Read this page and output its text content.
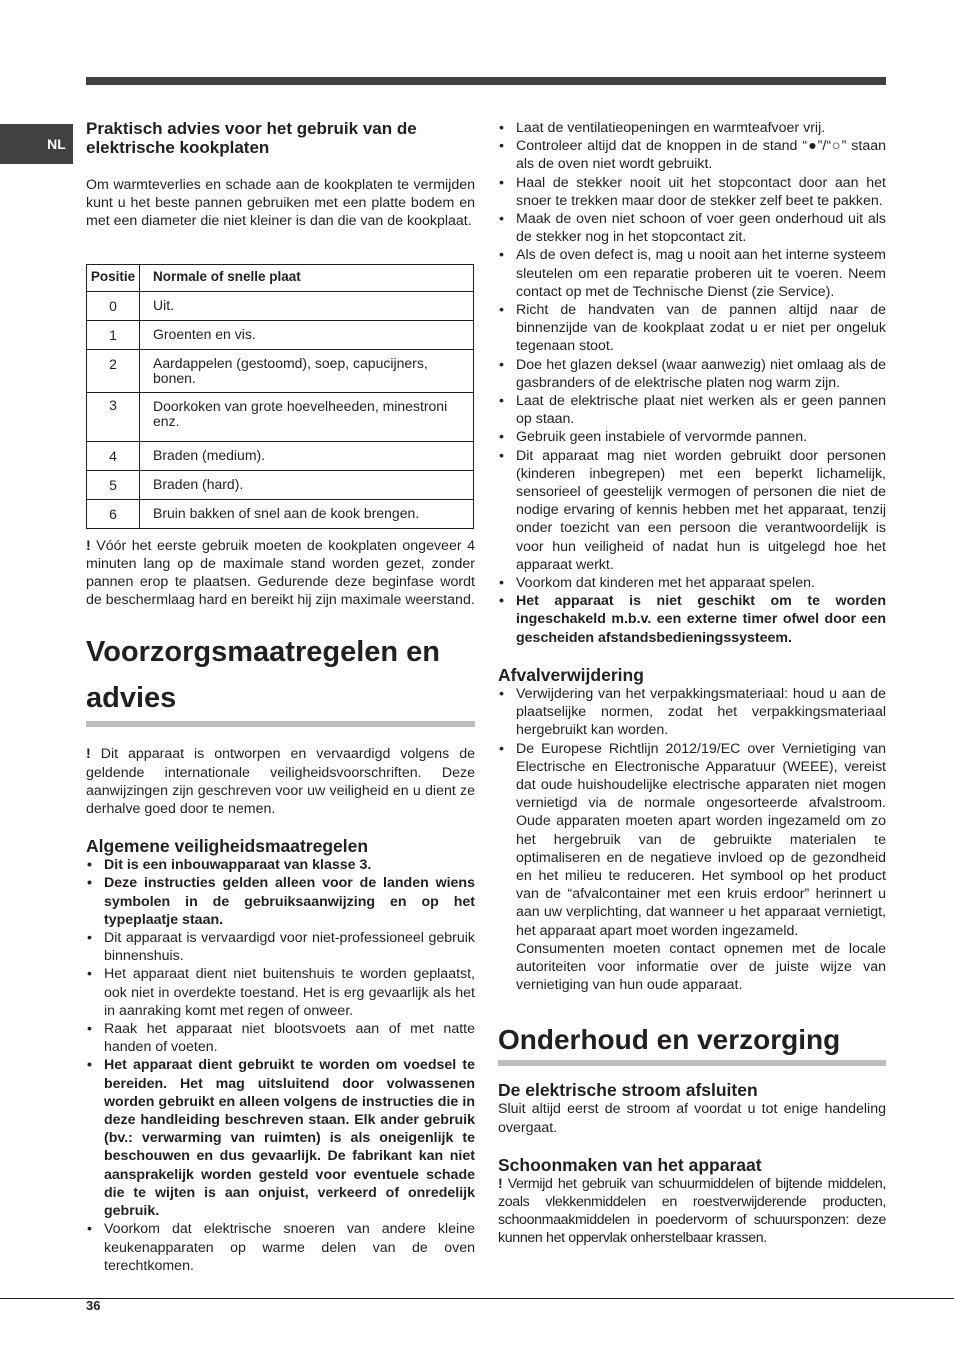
NL
Praktisch advies voor het gebruik van de elektrische kookplaten

Om warmteverlies en schade aan de kookplaten te vermijden kunt u het beste pannen gebruiken met een platte bodem en met een diameter die niet kleiner is dan die van de kookplaat.

Positie	Normale of snelle plaat
0	Uit.
1	Groenten en vis.
2	Aardappelen (gestoomd), soep, capucijners, bonen.
3	Doorkoken van grote hoevelheeden, minestroni enz.
4	Braden (medium).
5	Braden (hard).
6	Bruin bakken of snel aan de kook brengen.

! Vóór het eerste gebruik moeten de kookplaten ongeveer 4 minuten lang op de maximale stand worden gezet, zonder pannen erop te plaatsen. Gedurende deze beginfase wordt de beschermlaag hard en bereikt hij zijn maximale weerstand.

Voorzorgsmaatregelen en
advies

! Dit apparaat is ontworpen en vervaardigd volgens de geldende internationale veiligheidsvoorschriften. Deze aanwijzingen zijn geschreven voor uw veiligheid en u dient ze derhalve goed door te nemen.

Algemene veiligheidsmaatregelen
• Dit is een inbouwapparaat van klasse 3.
• Deze instructies gelden alleen voor de landen wiens symbolen in de gebruiksaanwijzing en op het typeplaatje staan.
• Dit apparaat is vervaardigd voor niet-professioneel gebruik binnenshuis.
• Het apparaat dient niet buitenshuis te worden geplaatst, ook niet in overdekte toestand. Het is erg gevaarlijk als het in aanraking komt met regen of onweer.
• Raak het apparaat niet blootsvoets aan of met natte handen of voeten.
• Het apparaat dient gebruikt te worden om voedsel te bereiden. Het mag uitsluitend door volwassenen worden gebruikt en alleen volgens de instructies die in deze handleiding beschreven staan. Elk ander gebruik (bv.: verwarming van ruimten) is als oneigenlijk te beschouwen en dus gevaarlijk. De fabrikant kan niet aansprakelijk worden gesteld voor eventuele schade die te wijten is aan onjuist, verkeerd of onredelijk gebruik.
• Voorkom dat elektrische snoeren van andere kleine keukenapparaten op warme delen van de oven terechtkomen.
• Laat de ventilatieopeningen en warmteafvoer vrij.
• Controleer altijd dat de knoppen in de stand “●”/“○” staan als de oven niet wordt gebruikt.
• Haal de stekker nooit uit het stopcontact door aan het snoer te trekken maar door de stekker zelf beet te pakken.
• Maak de oven niet schoon of voer geen onderhoud uit als de stekker nog in het stopcontact zit.
• Als de oven defect is, mag u nooit aan het interne systeem sleutelen om een reparatie proberen uit te voeren. Neem contact op met de Technische Dienst (zie Service).
• Richt de handvaten van de pannen altijd naar de binnenzijde van de kookplaat zodat u er niet per ongeluk tegenaan stoot.
• Doe het glazen deksel (waar aanwezig) niet omlaag als de gasbranders of de elektrische platen nog warm zijn.
• Laat de elektrische plaat niet werken als er geen pannen op staan.
• Gebruik geen instabiele of vervormde pannen.
• Dit apparaat mag niet worden gebruikt door personen (kinderen inbegrepen) met een beperkt lichamelijk, sensorieel of geestelijk vermogen of personen die niet de nodige ervaring of kennis hebben met het apparaat, tenzij onder toezicht van een persoon die verantwoordelijk is voor hun veiligheid of nadat hun is uitgelegd hoe het apparaat werkt.
• Voorkom dat kinderen met het apparaat spelen.
• Het apparaat is niet geschikt om te worden ingeschakeld m.b.v. een externe timer ofwel door een gescheiden afstandsbedieningssysteem.
Afvalverwijdering
• Verwijdering van het verpakkingsmateriaal: houd u aan de plaatselijke normen, zodat het verpakkingsmateriaal hergebruikt kan worden.
• De Europese Richtlijn 2012/19/EC over Vernietiging van Electrische en Electronische Apparatuur (WEEE), vereist dat oude huishoudelijke electrische apparaten niet mogen vernietigd via de normale ongesorteerde afvalstroom. Oude apparaten moeten apart worden ingezameld om zo het hergebruik van de gebruikte materialen te optimaliseren en de negatieve invloed op de gezondheid en het milieu te reduceren. Het symbool op het product van de “afvalcontainer met een kruis erdoor” herinnert u aan uw verplichting, dat wanneer u het apparaat vernietigt, het apparaat apart moet worden ingezameld.

Consumenten moeten contact opnemen met de locale autoriteiten voor informatie over de juiste wijze van vernietiging van hun oude apparaat.

Onderhoud en verzorging
De elektrische stroom afsluiten

Sluit altijd eerst de stroom af voordat u tot enige handeling overgaat.

Schoonmaken van het apparaat

! Vermijd het gebruik van schuurmiddelen of bijtende middelen, zoals vlekkenmiddelen en roestverwijderende producten, schoonmaakmiddelen in poedervorm of schuursponzen: deze kunnen het oppervlak onherstelbaar krassen.

36
